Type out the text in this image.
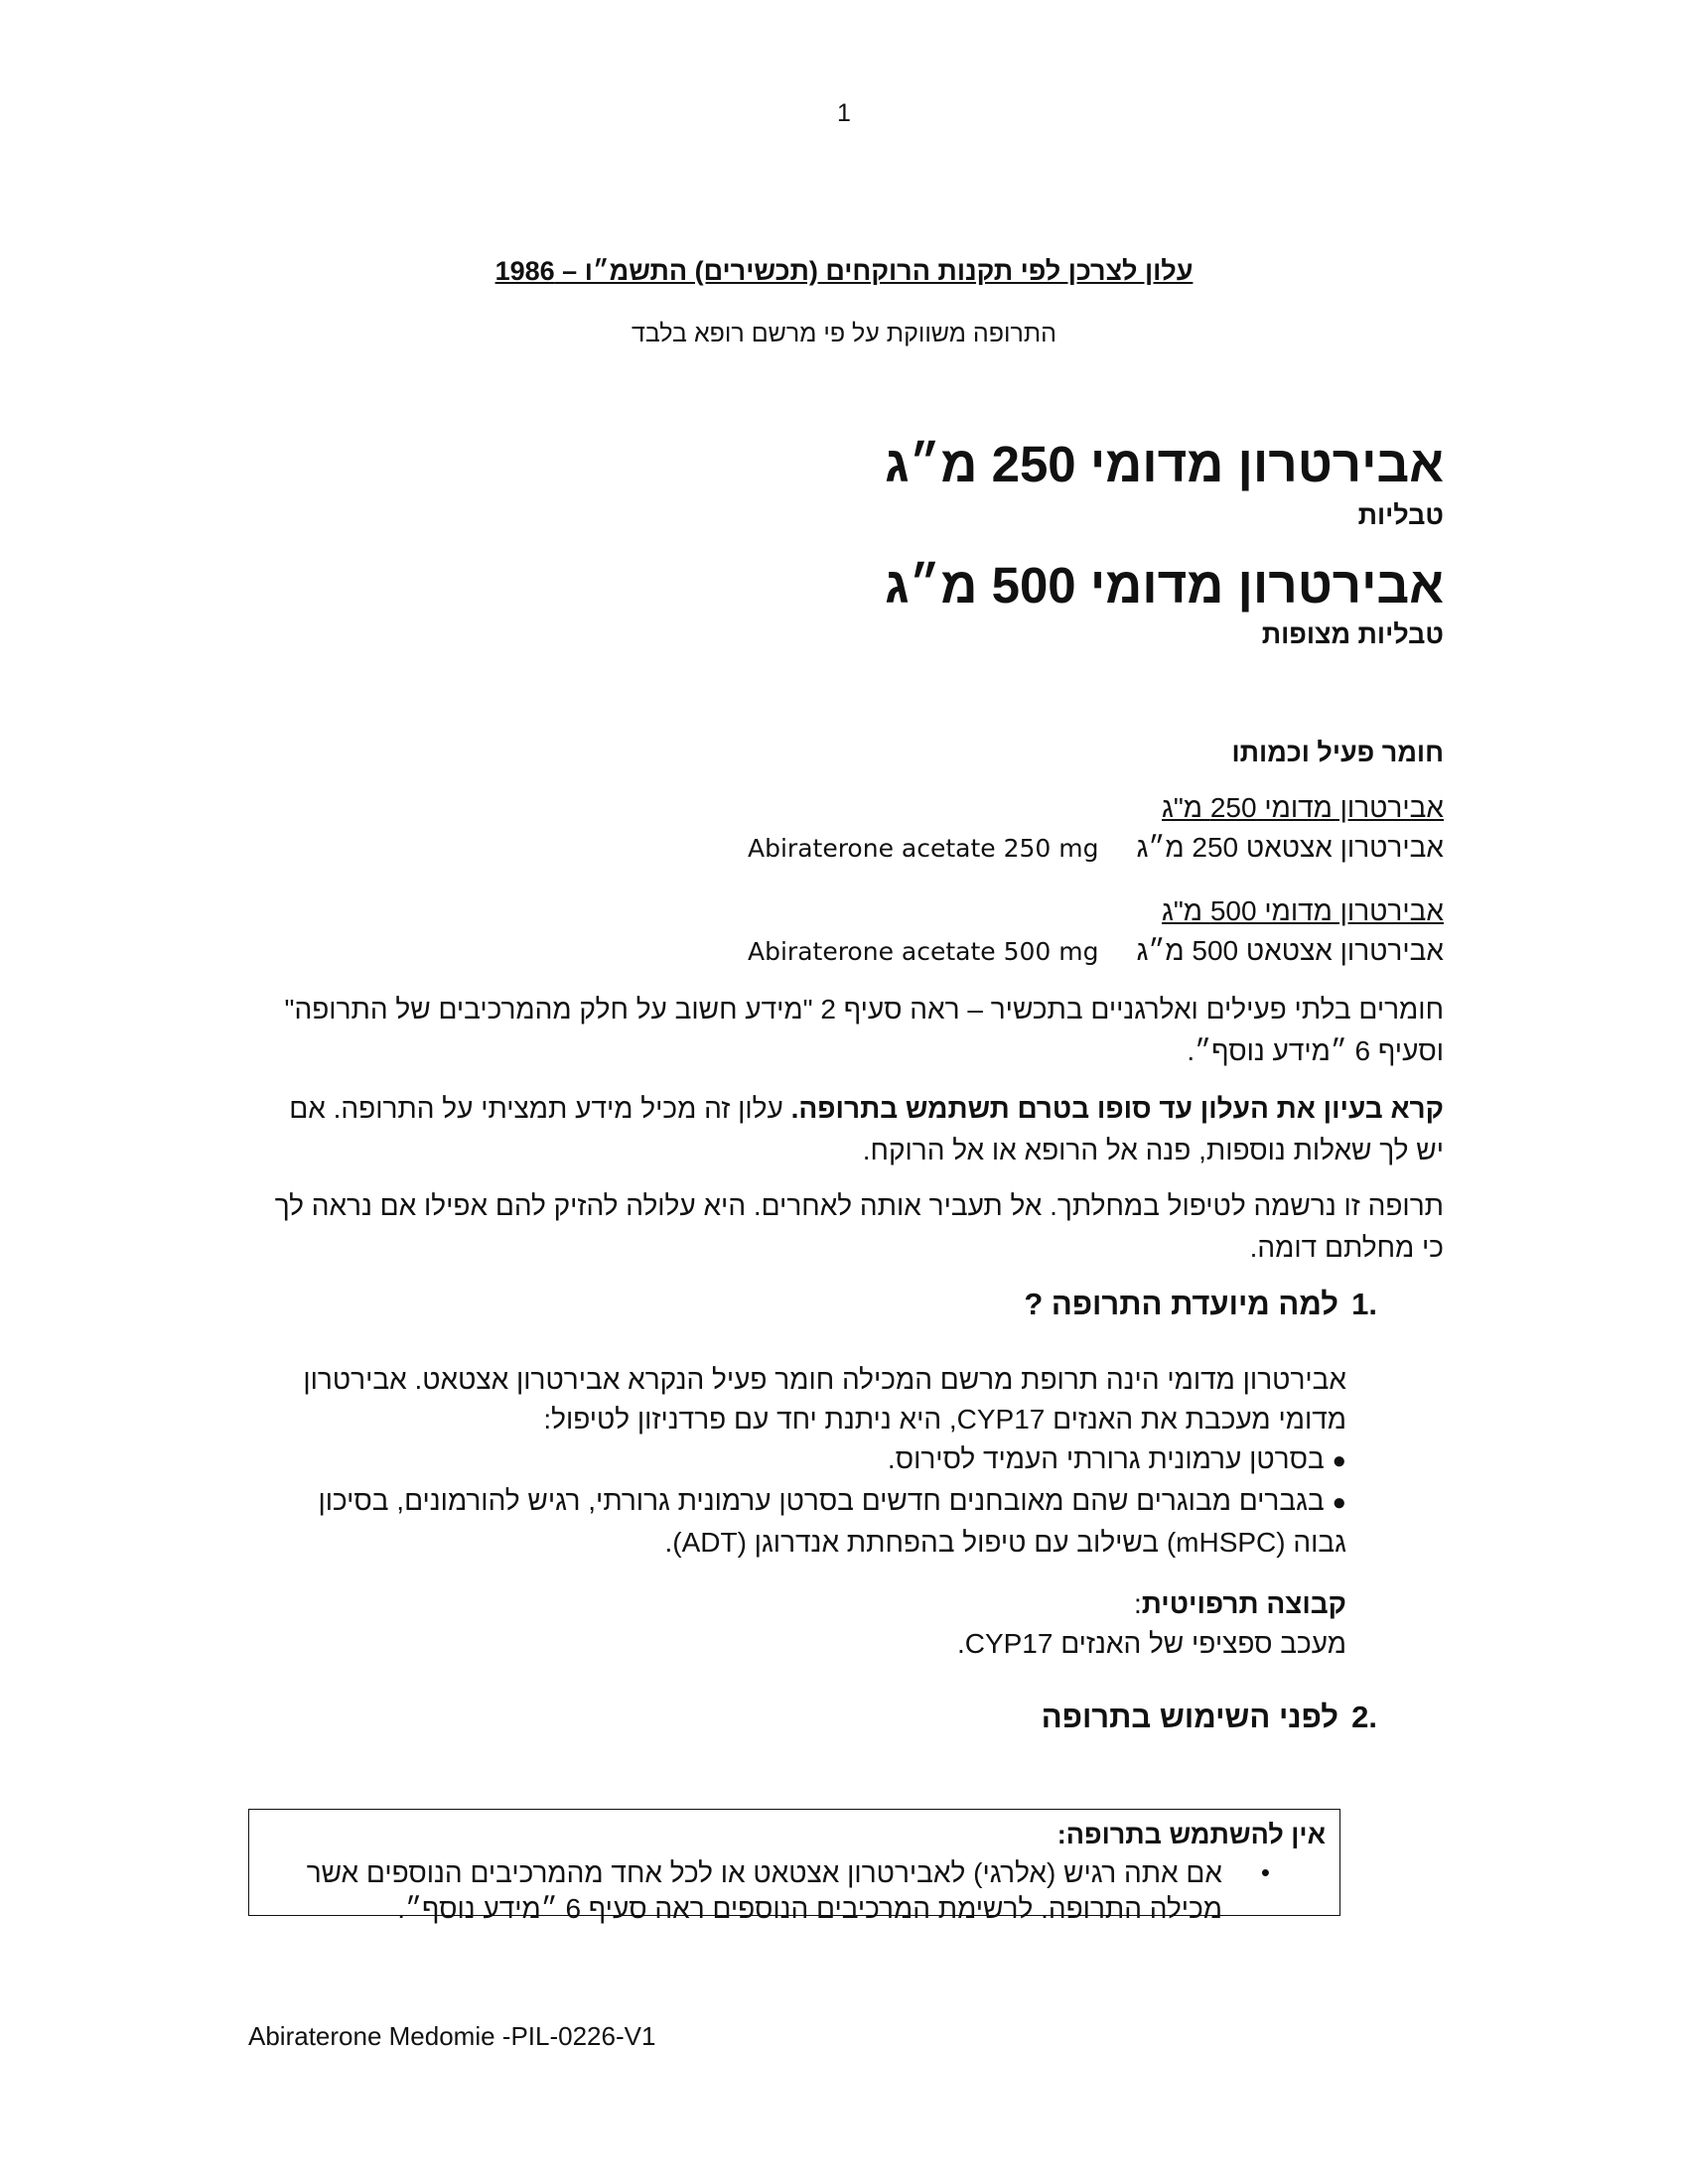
1
עלון לצרכן לפי תקנות הרוקחים (תכשירים) התשמ״ו – 1986
התרופה משווקת על פי מרשם רופא בלבד
אבירטרון מדומי 250 מ״ג
טבליות
אבירטרון מדומי 500 מ״ג
טבליות מצופות
חומר פעיל וכמותו
אבירטרון מדומי 250 מ"ג
אבירטרון אצטאט 250 מ״ג
Abiraterone acetate 250 mg
אבירטרון מדומי 500 מ"ג
אבירטרון אצטאט 500 מ״ג
Abiraterone acetate 500 mg

חומרים בלתי פעילים ואלרגניים בתכשיר – ראה סעיף 2 "מידע חשוב על חלק מהמרכיבים של התרופה"

וסעיף 6 ״מידע נוסף״.

קרא בעיון את העלון עד סופו בטרם תשתמש בתרופה. עלון זה מכיל מידע תמציתי על התרופה. אם

יש לך שאלות נוספות, פנה אל הרופא או אל הרוקח.

תרופה זו נרשמה לטיפול במחלתך. אל תעביר אותה לאחרים. היא עלולה להזיק להם אפילו אם נראה לך

כי מחלתם דומה.

1.
למה מיועדת התרופה ?
אבירטרון מדומי הינה תרופת מרשם המכילה חומר פעיל הנקרא אבירטרון אצטאט. אבירטרון
מדומי מעכבת את האנזים CYP17, היא ניתנת יחד עם פרדניזון לטיפול:
● בסרטן ערמונית גרורתי העמיד לסירוס.
● בגברים מבוגרים שהם מאובחנים חדשים בסרטן ערמונית גרורתי, רגיש להורמונים, בסיכון
גבוה (mHSPC) בשילוב עם טיפול בהפחתת אנדרוגן (ADT).
קבוצה תרפויטית:
מעכב ספציפי של האנזים CYP17.
2.
לפני השימוש בתרופה
אין להשתמש בתרופה:
•
אם אתה רגיש (אלרגי) לאבירטרון אצטאט או לכל אחד מהמרכיבים הנוספים אשר
מכילה התרופה. לרשימת המרכיבים הנוספים ראה סעיף 6 ״מידע נוסף״.
Abiraterone Medomie -PIL-0226-V1
